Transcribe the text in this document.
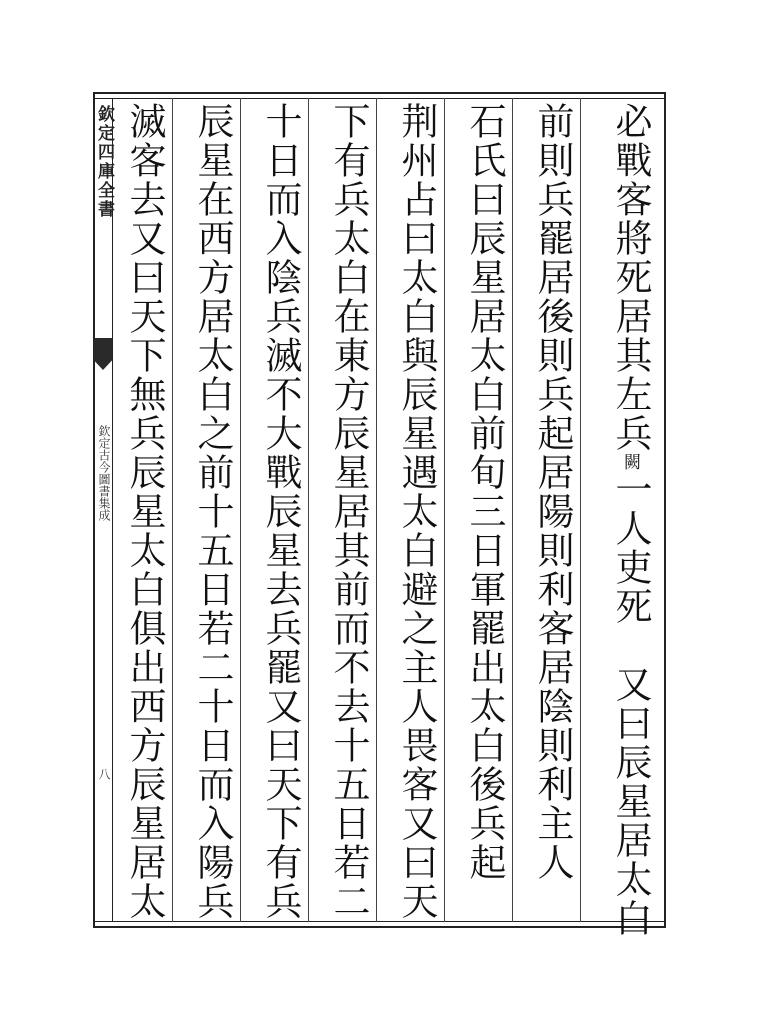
欽定四庫全書
欽定古今圖書集成
八
必戰客將死居其左兵闕一人吏死　又曰辰星居太白
前則兵罷居後則兵起居陽則利客居陰則利主人
石氏曰辰星居太白前旬三日軍罷出太白後兵起
荆州占曰太白與辰星遇太白避之主人畏客又曰天
下有兵太白在東方辰星居其前而不去十五日若二
十日而入陰兵滅不大戰辰星去兵罷又曰天下有兵
辰星在西方居太白之前十五日若二十日而入陽兵
滅客去又曰天下無兵辰星太白俱出西方辰星居太
